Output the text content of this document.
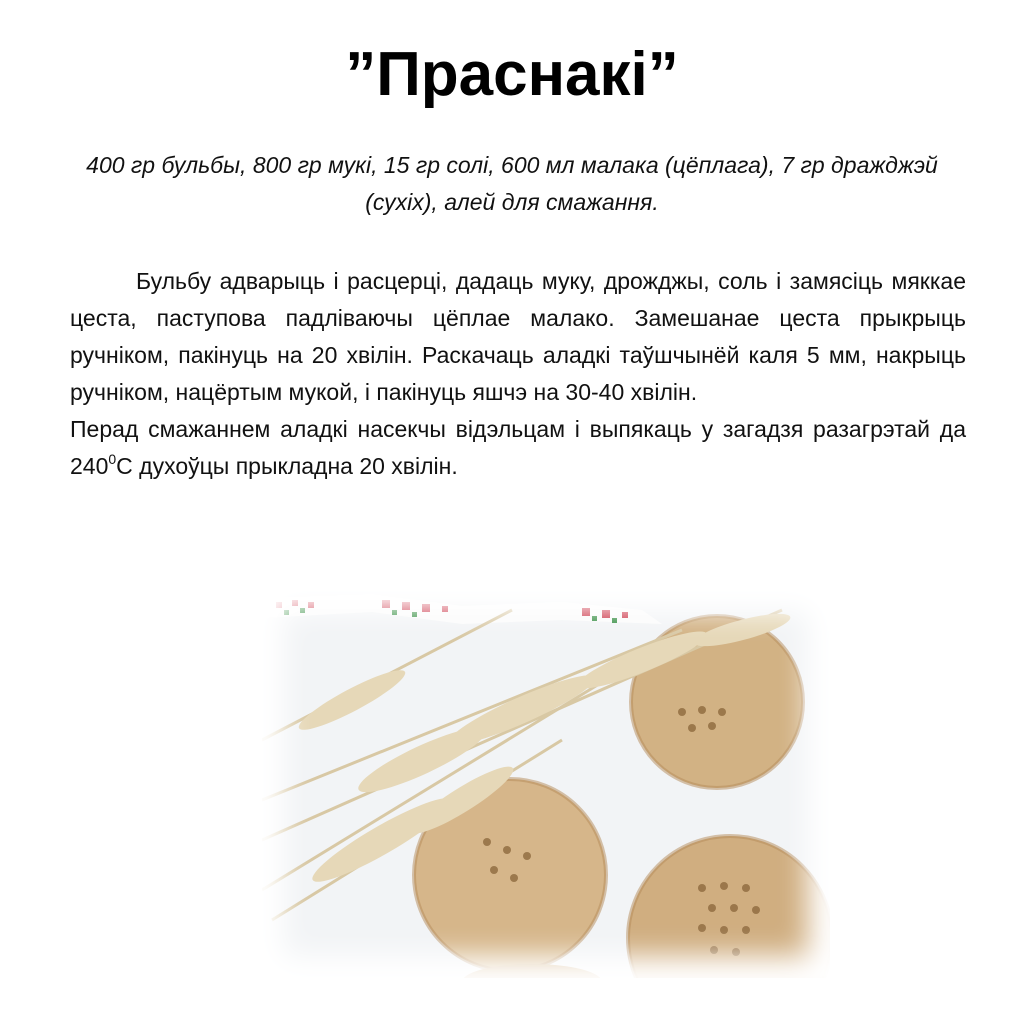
”Праснакі”
400 гр бульбы, 800 гр мукі, 15 гр солі, 600 мл малака (цёплага), 7 гр дражджэй (сухіх), алей для смажання.

Бульбу адварыць і расцерці, дадаць муку, дрожджы, соль і замясіць мяккае цеста, паступова падліваючы цёплае малако. Замешанае цеста прыкрыць ручніком, пакінуць на 20 хвілін. Раскачаць аладкі таўшчынёй каля 5 мм, накрыць ручніком, нацёртым мукой, і пакінуць яшчэ на 30-40 хвілін.

Перад смажаннем аладкі насекчы відэльцам і выпякаць у загадзя разагрэтай да $240^0С$ духоўцы прыкладна 20 хвілін.
